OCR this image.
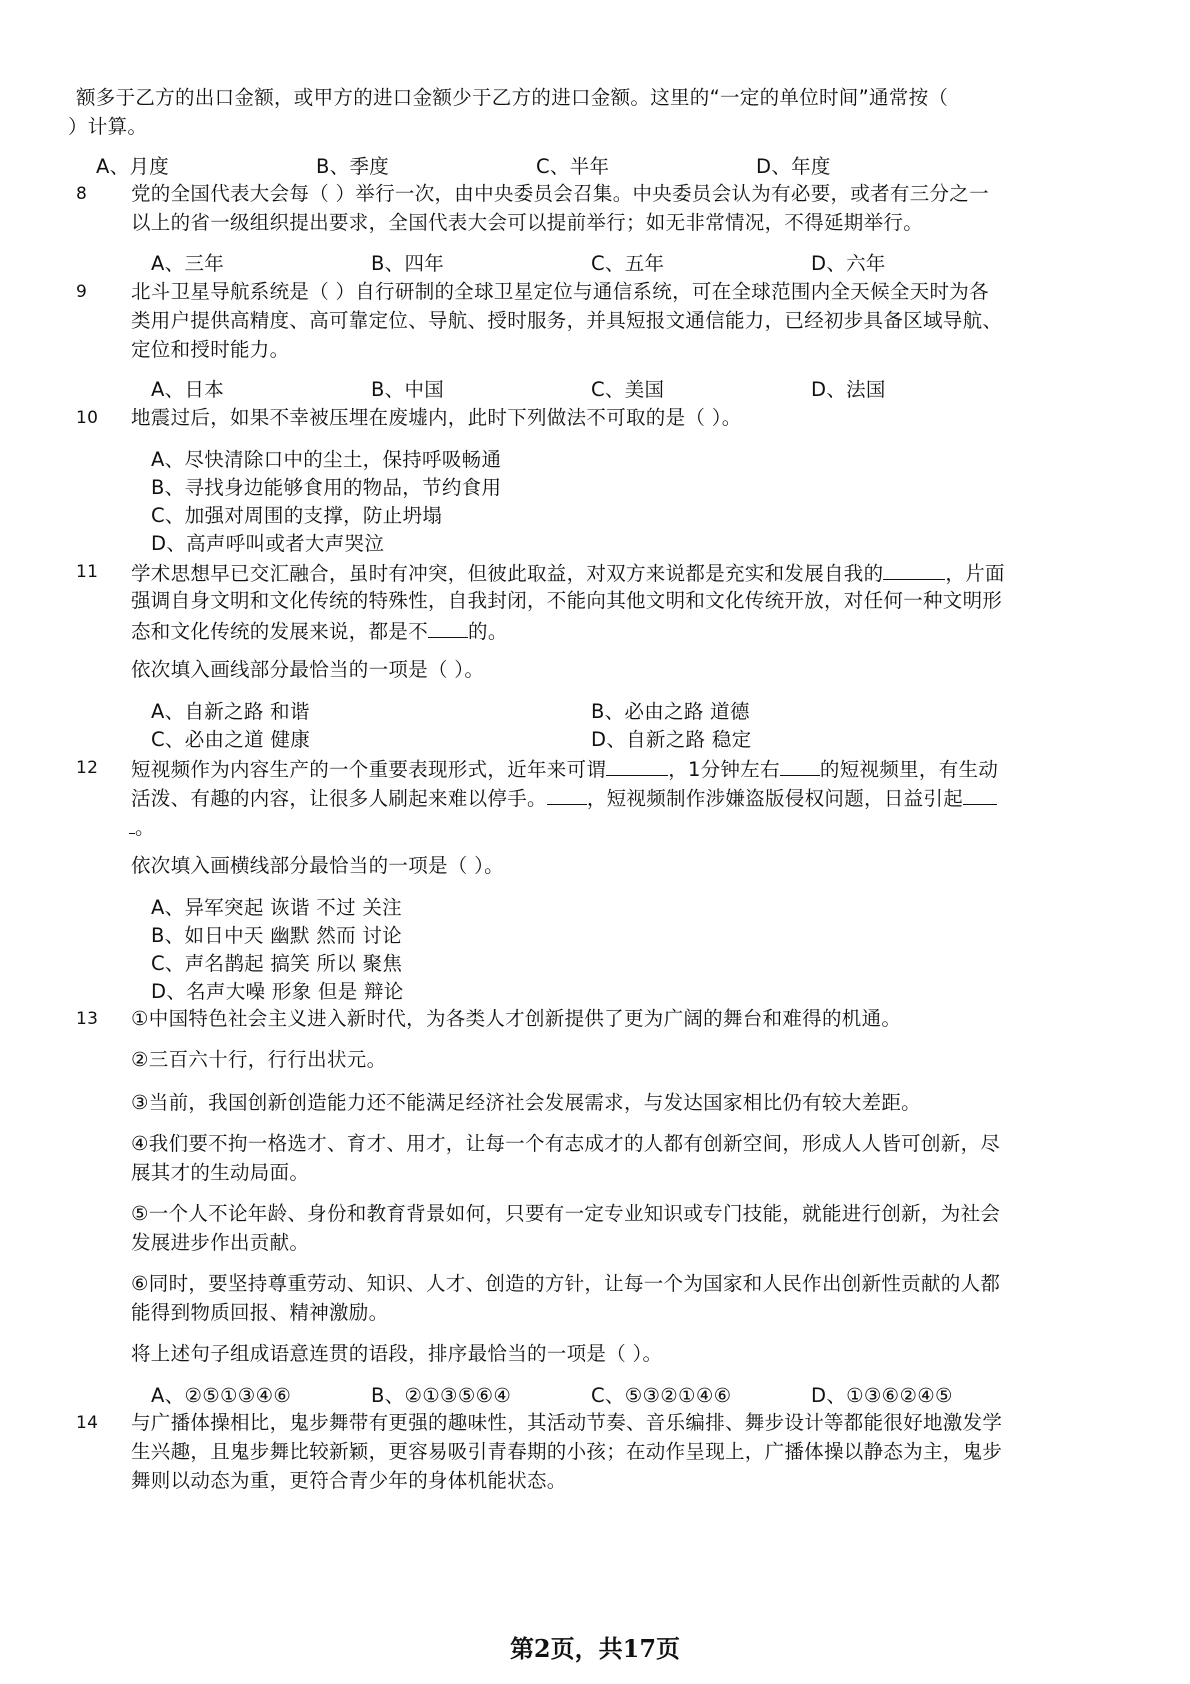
额多于乙方的出口金额，或甲方的进口金额少于乙方的进口金额。这里的“一定的单位时间”通常按（
）计算。
A、月度	B、季度	C、半年	D、年度
8 党的全国代表大会每（ ）举行一次，由中央委员会召集。中央委员会认为有必要，或者有三分之一
以上的省一级组织提出要求，全国代表大会可以提前举行；如无非常情况，不得延期举行。
A、三年	B、四年	C、五年	D、六年
9 北斗卫星导航系统是（ ）自行研制的全球卫星定位与通信系统，可在全球范围内全天候全天时为各
类用户提供高精度、高可靠定位、导航、授时服务，并具短报文通信能力，已经初步具备区域导航、
定位和授时能力。
A、日本	B、中国	C、美国	D、法国
10 地震过后，如果不幸被压埋在废墟内，此时下列做法不可取的是（ ）。
A、尽快清除口中的尘土，保持呼吸畅通
B、寻找身边能够食用的物品，节约食用
C、加强对周围的支撑，防止坍塌
D、高声呼叫或者大声哭泣
11 学术思想早已交汇融合，虽时有冲突，但彼此取益，对双方来说都是充实和发展自我的	，片面
强调自身文明和文化传统的特殊性，自我封闭，不能向其他文明和文化传统开放，对任何一种文明形
态和文化传统的发展来说，都是不 的。
依次填入画线部分最恰当的一项是（ ）。
A、自新之路 和谐	B、必由之路 道德
C、必由之道 健康	D、自新之路 稳定
12 短视频作为内容生产的一个重要表现形式，近年来可谓	，1分钟左右 的短视频里，有生动
活泼、有趣的内容，让很多人刷起来难以停手。 ，短视频制作涉嫌盗版侵权问题，日益引起
。
依次填入画横线部分最恰当的一项是（ ）。
A、异军突起 诙谐 不过 关注
B、如日中天 幽默 然而 讨论
C、声名鹊起 搞笑 所以 聚焦
D、名声大噪 形象 但是 辩论
13 ①中国特色社会主义进入新时代，为各类人才创新提供了更为广阔的舞台和难得的机通。
②三百六十行，行行出状元。
③当前，我国创新创造能力还不能满足经济社会发展需求，与发达国家相比仍有较大差距。
④我们要不拘一格选才、育才、用才，让每一个有志成才的人都有创新空间，形成人人皆可创新，尽
展其才的生动局面。
⑤一个人不论年龄、身份和教育背景如何，只要有一定专业知识或专门技能，就能进行创新，为社会
发展进步作出贡献。
⑥同时，要坚持尊重劳动、知识、人才、创造的方针，让每一个为国家和人民作出创新性贡献的人都
能得到物质回报、精神激励。
将上述句子组成语意连贯的语段，排序最恰当的一项是（ ）。
A、②⑤①③④⑥	B、②①③⑤⑥④	C、⑤③②①④⑥	D、①③⑥②④⑤
14 与广播体操相比，鬼步舞带有更强的趣味性，其活动节奏、音乐编排、舞步设计等都能很好地激发学
生兴趣，且鬼步舞比较新颖，更容易吸引青春期的小孩；在动作呈现上，广播体操以静态为主，鬼步
舞则以动态为重，更符合青少年的身体机能状态。
第2页，共17页
